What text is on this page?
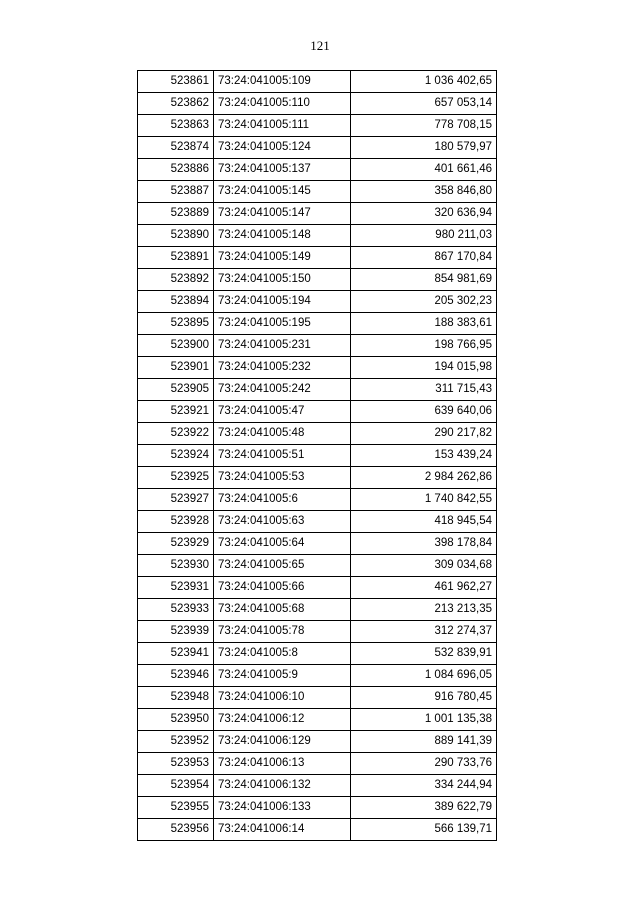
121
523861	73:24:041005:109	1 036 402,65
523862	73:24:041005:110	657 053,14
523863	73:24:041005:111	778 708,15
523874	73:24:041005:124	180 579,97
523886	73:24:041005:137	401 661,46
523887	73:24:041005:145	358 846,80
523889	73:24:041005:147	320 636,94
523890	73:24:041005:148	980 211,03
523891	73:24:041005:149	867 170,84
523892	73:24:041005:150	854 981,69
523894	73:24:041005:194	205 302,23
523895	73:24:041005:195	188 383,61
523900	73:24:041005:231	198 766,95
523901	73:24:041005:232	194 015,98
523905	73:24:041005:242	311 715,43
523921	73:24:041005:47	639 640,06
523922	73:24:041005:48	290 217,82
523924	73:24:041005:51	153 439,24
523925	73:24:041005:53	2 984 262,86
523927	73:24:041005:6	1 740 842,55
523928	73:24:041005:63	418 945,54
523929	73:24:041005:64	398 178,84
523930	73:24:041005:65	309 034,68
523931	73:24:041005:66	461 962,27
523933	73:24:041005:68	213 213,35
523939	73:24:041005:78	312 274,37
523941	73:24:041005:8	532 839,91
523946	73:24:041005:9	1 084 696,05
523948	73:24:041006:10	916 780,45
523950	73:24:041006:12	1 001 135,38
523952	73:24:041006:129	889 141,39
523953	73:24:041006:13	290 733,76
523954	73:24:041006:132	334 244,94
523955	73:24:041006:133	389 622,79
523956	73:24:041006:14	566 139,71
